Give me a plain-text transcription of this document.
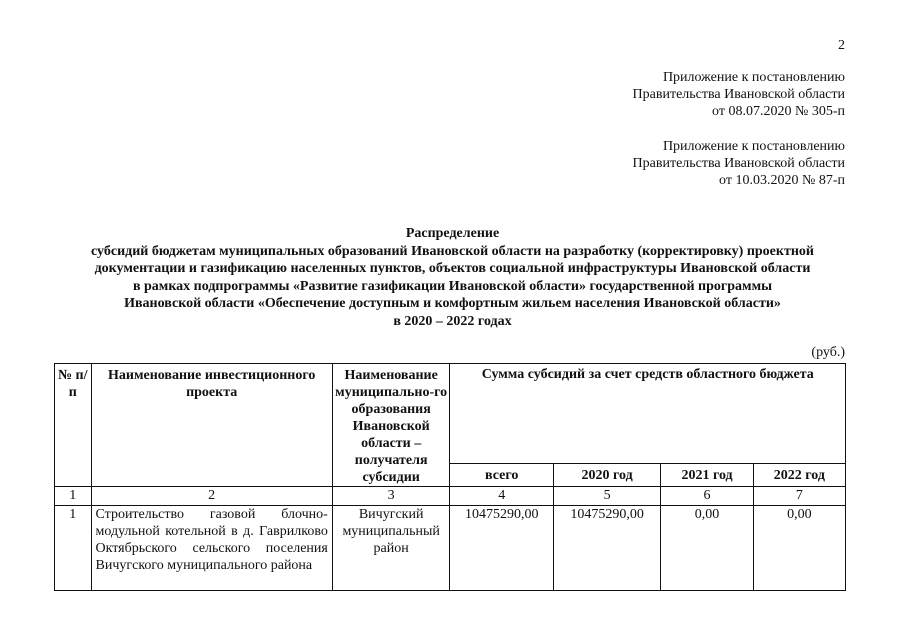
2
Приложение к постановлению
Правительства Ивановской области
от 08.07.2020 № 305-п
Приложение к постановлению
Правительства Ивановской области
от 10.03.2020 № 87-п
Распределение
субсидий бюджетам муниципальных образований Ивановской области на разработку (корректировку) проектной
документации и газификацию населенных пунктов, объектов социальной инфраструктуры Ивановской области
в рамках подпрограммы «Развитие газификации Ивановской области» государственной программы
Ивановской области «Обеспечение доступным и комфортным жильем населения Ивановской области»
в 2020 – 2022 годах
(руб.)
№ п/п	Наименование инвестиционного проекта	Наименование муниципально-го образования Ивановской области – получателя субсидии	Сумма субсидий за счет средств областного бюджета			
			всего	2020 год	2021 год	2022 год
1	2	3	4	5	6	7
1	Строительство газовой блочно-модульной котельной в д. Гаврилково Октябрьского сельского поселения Вичугского муниципального района	Вичугский муниципальный район	10475290,00	10475290,00	0,00	0,00
